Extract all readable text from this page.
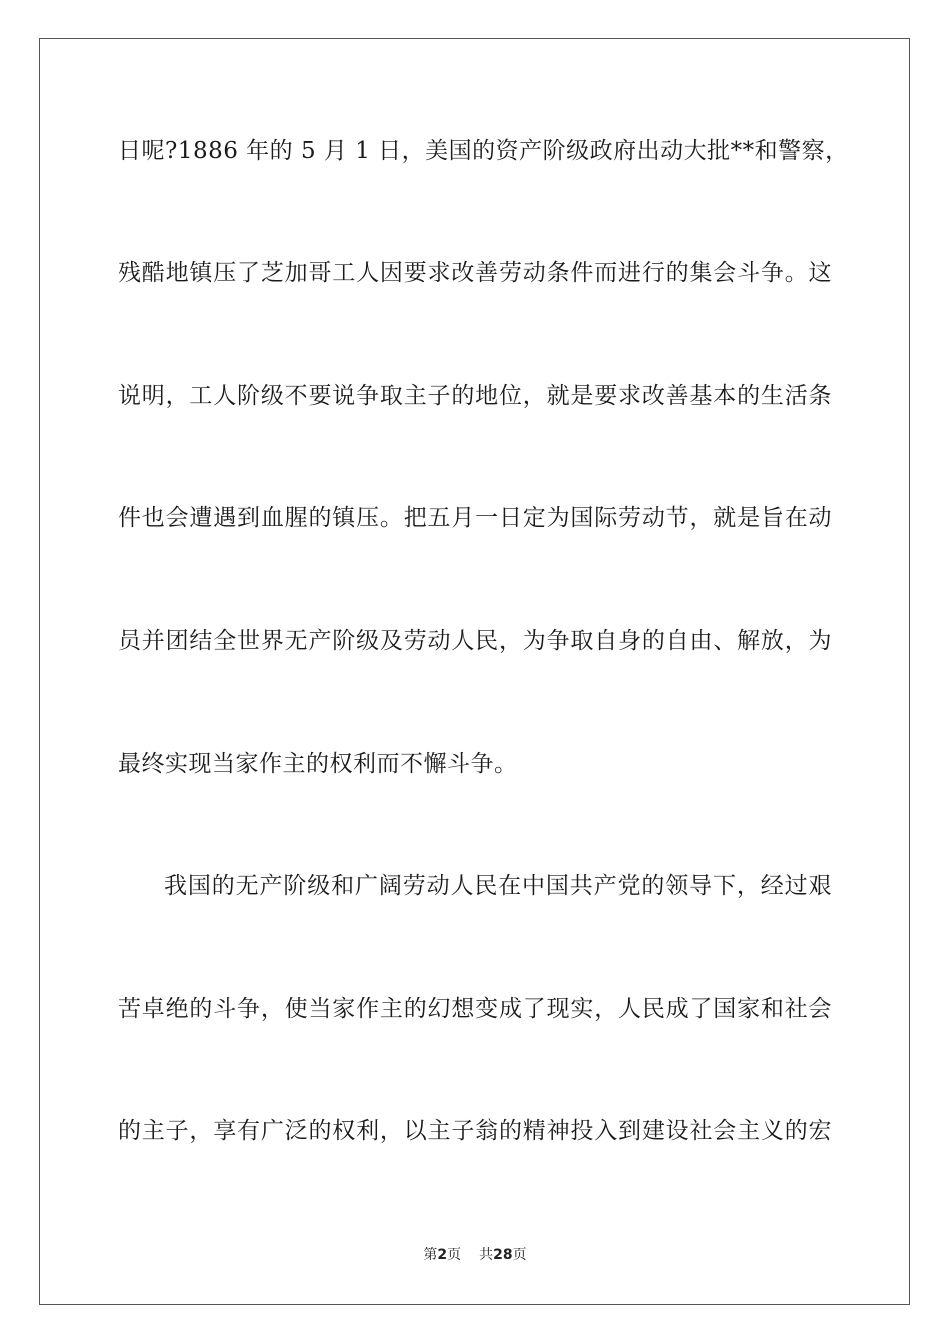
日呢?1886 年的 5 月 1 日，美国的资产阶级政府出动大批**和警察，
残酷地镇压了芝加哥工人因要求改善劳动条件而进行的集会斗争。这
说明，工人阶级不要说争取主子的地位，就是要求改善基本的生活条
件也会遭遇到血腥的镇压。把五月一日定为国际劳动节，就是旨在动
员并团结全世界无产阶级及劳动人民，为争取自身的自由、解放，为
最终实现当家作主的权利而不懈斗争。
我国的无产阶级和广阔劳动人民在中国共产党的领导下，经过艰
苦卓绝的斗争，使当家作主的幻想变成了现实，人民成了国家和社会
的主子，享有广泛的权利，以主子翁的精神投入到建设社会主义的宏
第2页 共28页
